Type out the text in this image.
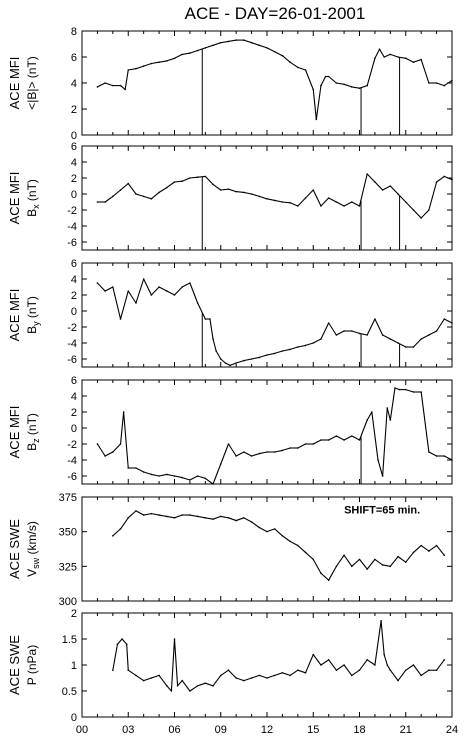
ACE - DAY=26-01-2001
0
2
4
6
8
ACE MFI <|B|> (nT)
-6
-4
-2
0
2
4
6
ACE MFI $B_x$ (nT)
-6
-4
-2
0
2
4
6
ACE MFI $B_y$ (nT)
-6
-4
-2
0
2
4
6
ACE MFI $B_z$ (nT)
300
325
350
375
ACE SWE $V_{sw}$ (km/s)
SHIFT=65 min.
0
0.5
1
1.5
2
ACE SWE P (nPa)
00	03	06	09	12	15	18	21	24
